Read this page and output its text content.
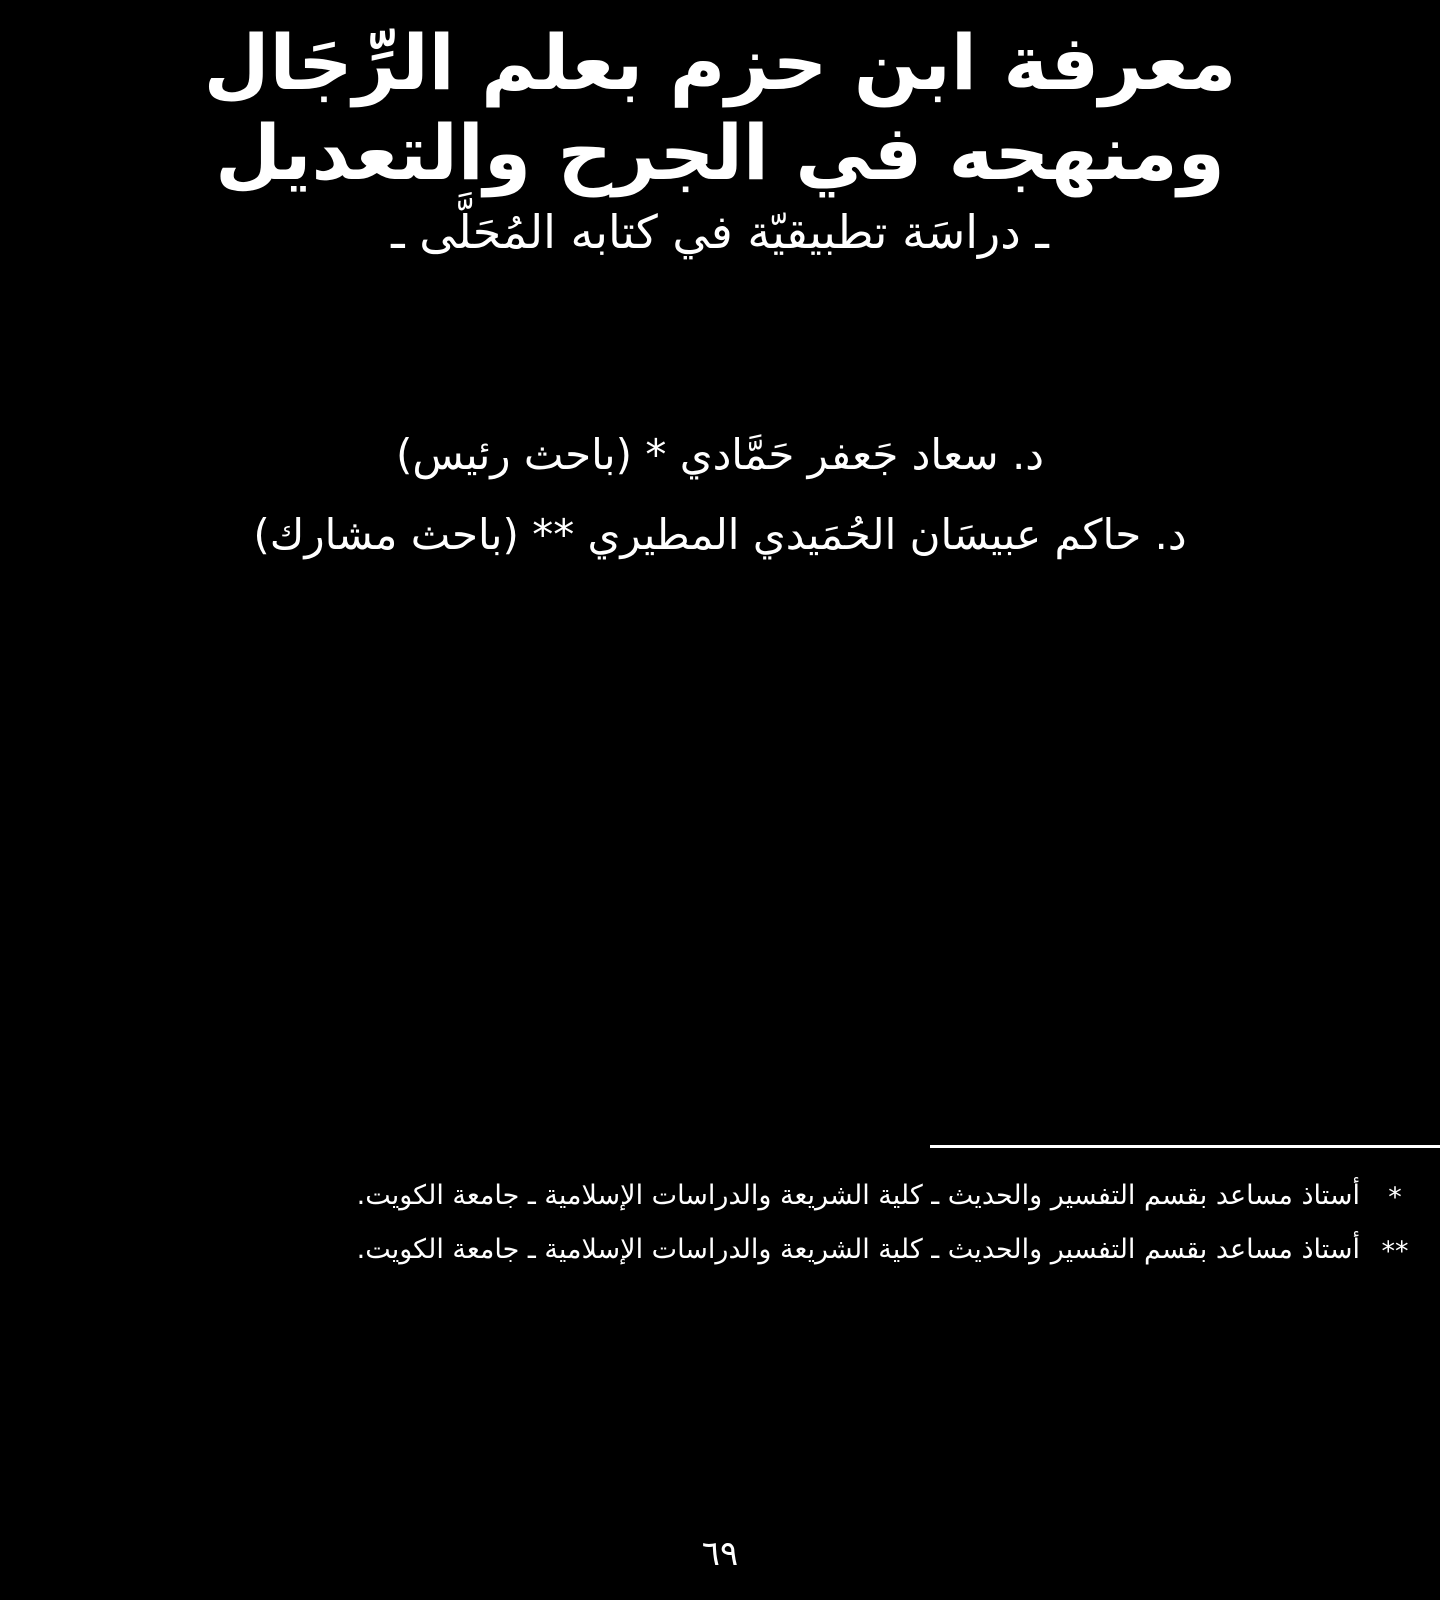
معرفة ابن حزم بعلم الرِّجَال
ومنهجه في الجرح والتعديل
ـ دراسَة تطبيقيّة في كتابه المُحَلَّى ـ
د. سعاد جَعفر حَمَّادي * (باحث رئيس)
د. حاكم عبيسَان الحُمَيدي المطيري ** (باحث مشارك)
*
أستاذ مساعد بقسم التفسير والحديث ـ كلية الشريعة والدراسات الإسلامية ـ جامعة الكويت.
**
أستاذ مساعد بقسم التفسير والحديث ـ كلية الشريعة والدراسات الإسلامية ـ جامعة الكويت.
٦٩
